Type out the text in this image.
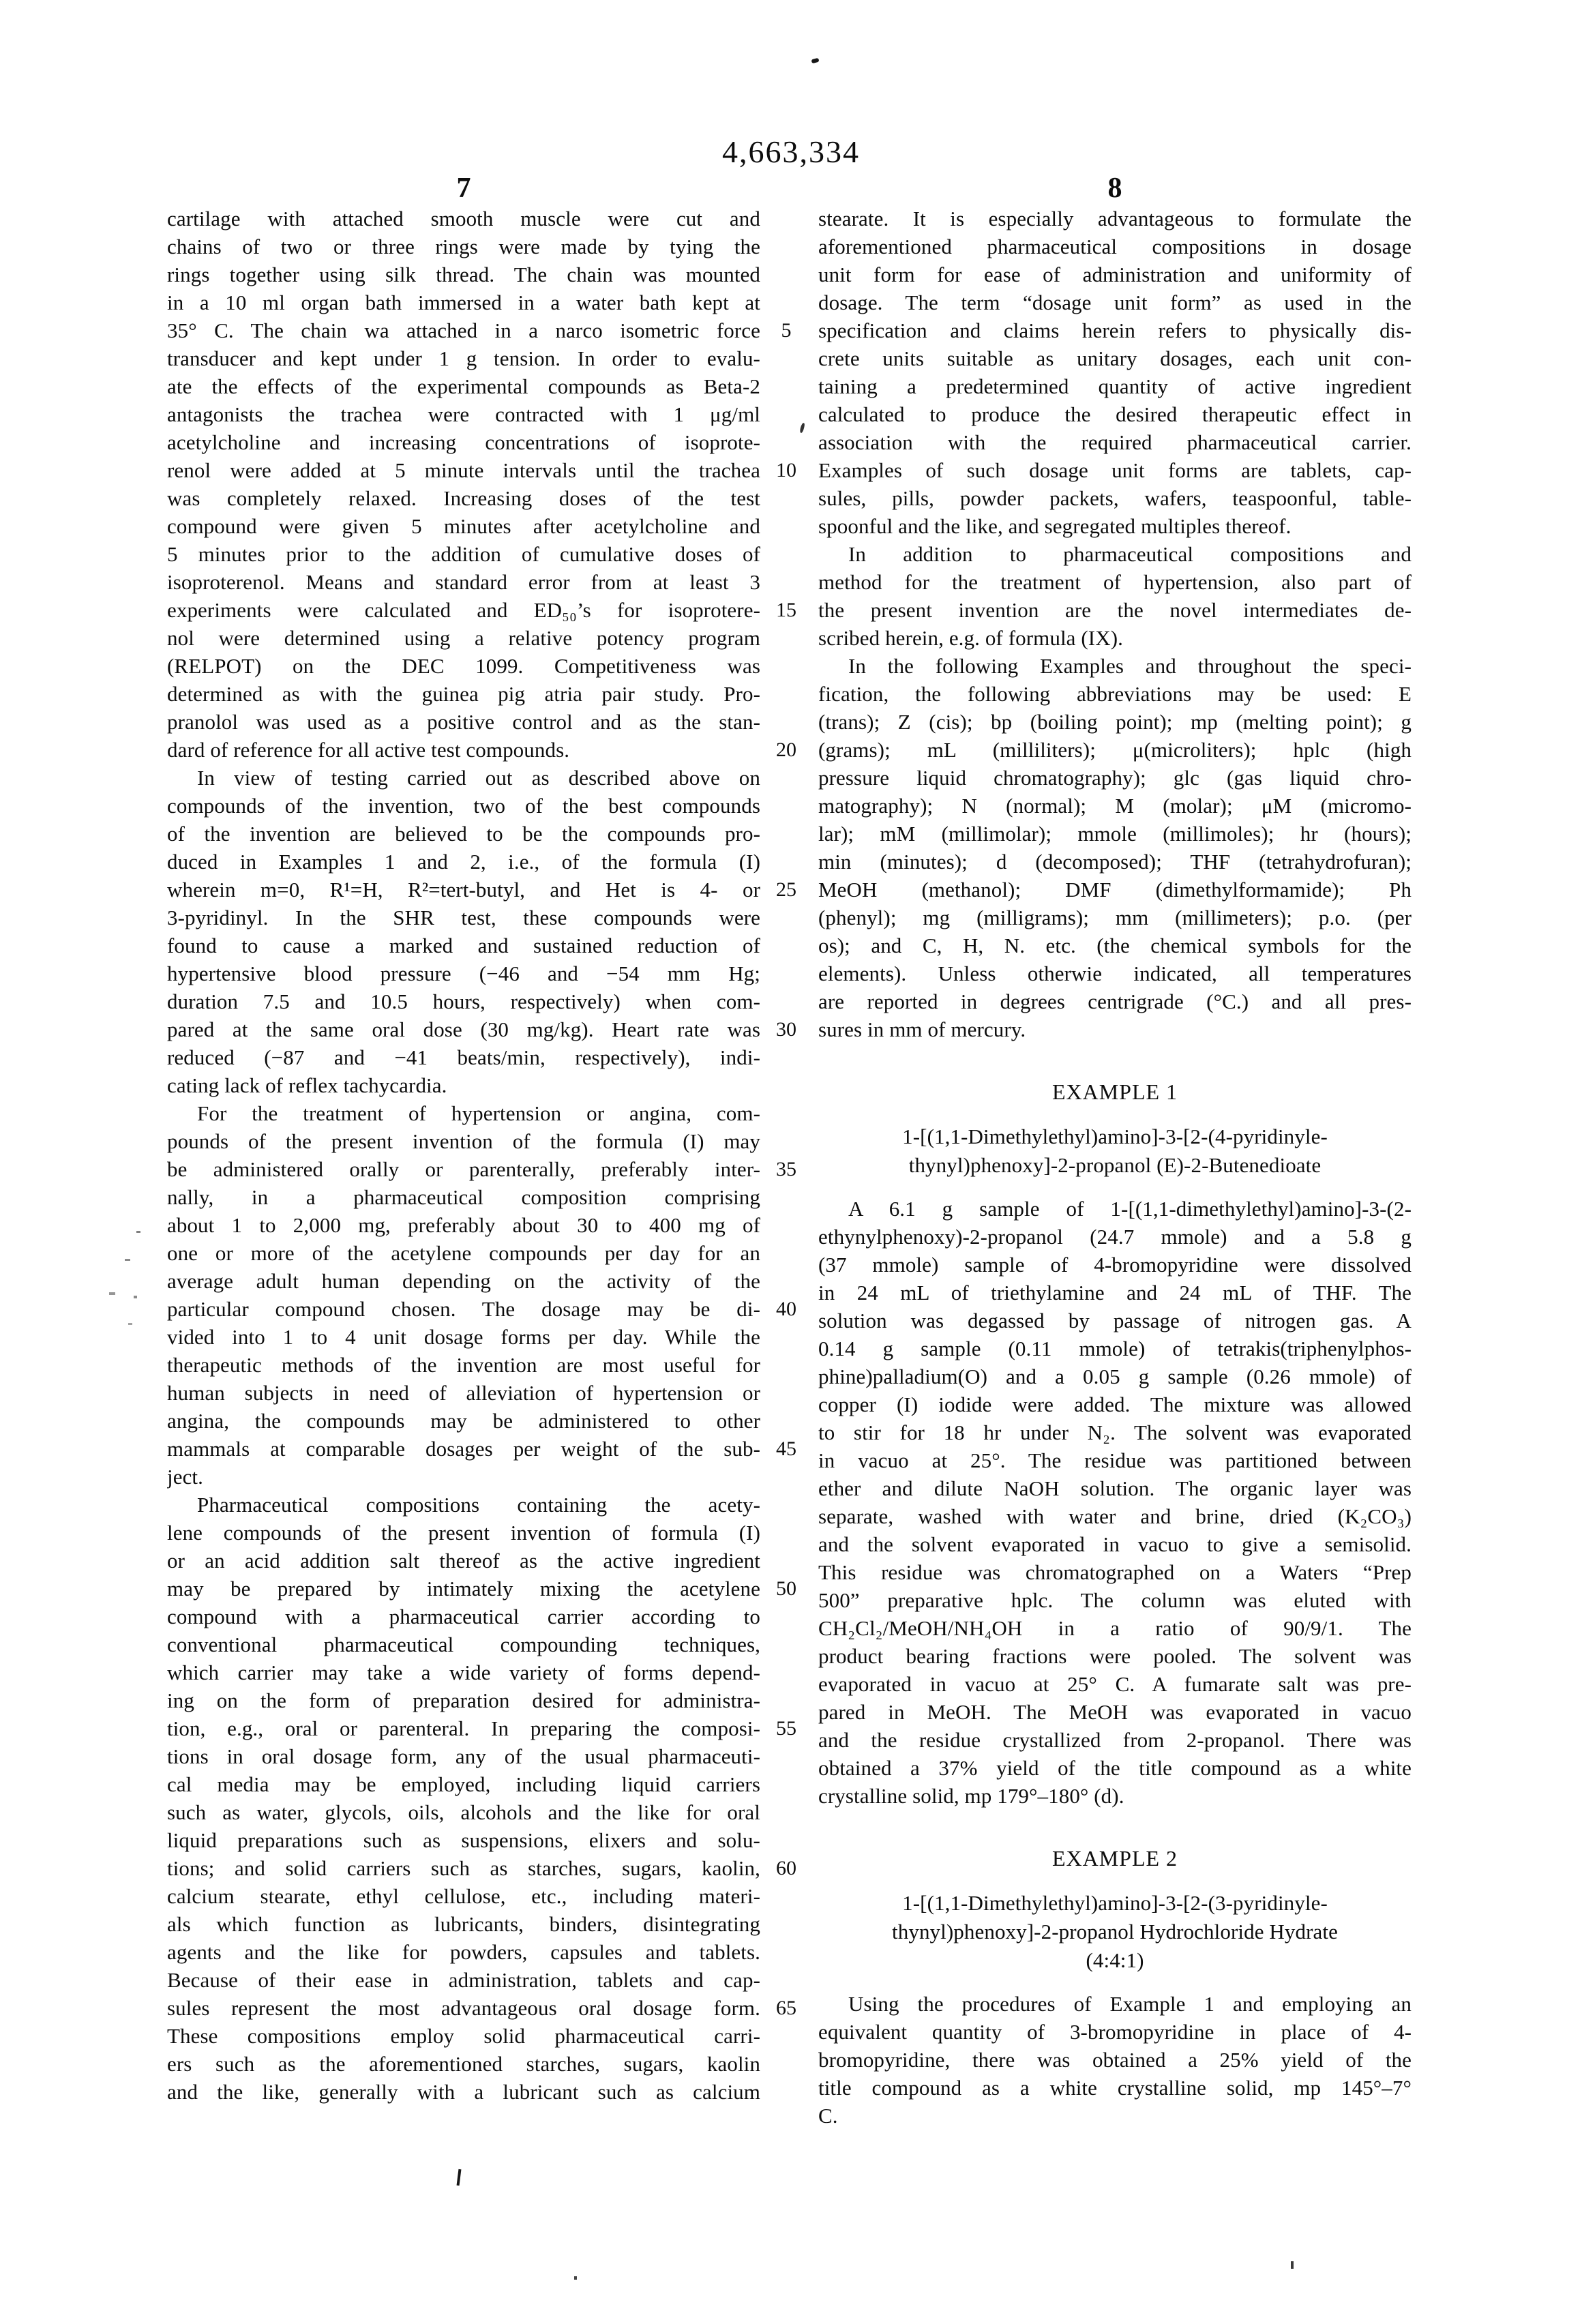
4,663,334
7	8
cartilage with attached smooth muscle were cut and
chains of two or three rings were made by tying the
rings together using silk thread. The chain was mounted
in a 10 ml organ bath immersed in a water bath kept at
35° C. The chain wa attached in a narco isometric force
transducer and kept under 1 g tension. In order to evalu-
ate the effects of the experimental compounds as Beta-2
antagonists the trachea were contracted with 1 μg/ml
acetylcholine and increasing concentrations of isoprote-
renol were added at 5 minute intervals until the trachea
was completely relaxed. Increasing doses of the test
compound were given 5 minutes after acetylcholine and
5 minutes prior to the addition of cumulative doses of
isoproterenol. Means and standard error from at least 3
experiments were calculated and ED₅₀’s for isoprotere-
nol were determined using a relative potency program
(RELPOT) on the DEC 1099. Competitiveness was
determined as with the guinea pig atria pair study. Pro-
pranolol was used as a positive control and as the stan-
dard of reference for all active test compounds.
In view of testing carried out as described above on
compounds of the invention, two of the best compounds
of the invention are believed to be the compounds pro-
duced in Examples 1 and 2, i.e., of the formula (I)
wherein m=0, R¹=H, R²=tert-butyl, and Het is 4- or
3-pyridinyl. In the SHR test, these compounds were
found to cause a marked and sustained reduction of
hypertensive blood pressure (−46 and −54 mm Hg;
duration 7.5 and 10.5 hours, respectively) when com-
pared at the same oral dose (30 mg/kg). Heart rate was
reduced (−87 and −41 beats/min, respectively), indi-
cating lack of reflex tachycardia.
For the treatment of hypertension or angina, com-
pounds of the present invention of the formula (I) may
be administered orally or parenterally, preferably inter-
nally, in a pharmaceutical composition comprising
about 1 to 2,000 mg, preferably about 30 to 400 mg of
one or more of the acetylene compounds per day for an
average adult human depending on the activity of the
particular compound chosen. The dosage may be di-
vided into 1 to 4 unit dosage forms per day. While the
therapeutic methods of the invention are most useful for
human subjects in need of alleviation of hypertension or
angina, the compounds may be administered to other
mammals at comparable dosages per weight of the sub-
ject.
Pharmaceutical compositions containing the acety-
lene compounds of the present invention of formula (I)
or an acid addition salt thereof as the active ingredient
may be prepared by intimately mixing the acetylene
compound with a pharmaceutical carrier according to
conventional pharmaceutical compounding techniques,
which carrier may take a wide variety of forms depend-
ing on the form of preparation desired for administra-
tion, e.g., oral or parenteral. In preparing the composi-
tions in oral dosage form, any of the usual pharmaceuti-
cal media may be employed, including liquid carriers
such as water, glycols, oils, alcohols and the like for oral
liquid preparations such as suspensions, elixers and solu-
tions; and solid carriers such as starches, sugars, kaolin,
calcium stearate, ethyl cellulose, etc., including materi-
als which function as lubricants, binders, disintegrating
agents and the like for powders, capsules and tablets.
Because of their ease in administration, tablets and cap-
sules represent the most advantageous oral dosage form.
These compositions employ solid pharmaceutical carri-
ers such as the aforementioned starches, sugars, kaolin
and the like, generally with a lubricant such as calcium
5
10
15
20
25
30
35
40
45
50
55
60
65
stearate. It is especially advantageous to formulate the
aforementioned pharmaceutical compositions in dosage
unit form for ease of administration and uniformity of
dosage. The term “dosage unit form” as used in the
specification and claims herein refers to physically dis-
crete units suitable as unitary dosages, each unit con-
taining a predetermined quantity of active ingredient
calculated to produce the desired therapeutic effect in
association with the required pharmaceutical carrier.
Examples of such dosage unit forms are tablets, cap-
sules, pills, powder packets, wafers, teaspoonful, table-
spoonful and the like, and segregated multiples thereof.
In addition to pharmaceutical compositions and
method for the treatment of hypertension, also part of
the present invention are the novel intermediates de-
scribed herein, e.g. of formula (IX).
In the following Examples and throughout the speci-
fication, the following abbreviations may be used: E
(trans); Z (cis); bp (boiling point); mp (melting point); g
(grams); mL (milliliters); μ(microliters); hplc (high
pressure liquid chromatography); glc (gas liquid chro-
matography); N (normal); M (molar); μM (micromo-
lar); mM (millimolar); mmole (millimoles); hr (hours);
min (minutes); d (decomposed); THF (tetrahydrofuran);
MeOH (methanol); DMF (dimethylformamide); Ph
(phenyl); mg (milligrams); mm (millimeters); p.o. (per
os); and C, H, N. etc. (the chemical symbols for the
elements). Unless otherwie indicated, all temperatures
are reported in degrees centrigrade (°C.) and all pres-
sures in mm of mercury.
EXAMPLE 1
1-[(1,1-Dimethylethyl)amino]-3-[2-(4-pyridinyle-
thynyl)phenoxy]-2-propanol (E)-2-Butenedioate
A 6.1 g sample of 1-[(1,1-dimethylethyl)amino]-3-(2-
ethynylphenoxy)-2-propanol (24.7 mmole) and a 5.8 g
(37 mmole) sample of 4-bromopyridine were dissolved
in 24 mL of triethylamine and 24 mL of THF. The
solution was degassed by passage of nitrogen gas. A
0.14 g sample (0.11 mmole) of tetrakis(triphenylphos-
phine)palladium(O) and a 0.05 g sample (0.26 mmole) of
copper (I) iodide were added. The mixture was allowed
to stir for 18 hr under N₂. The solvent was evaporated
in vacuo at 25°. The residue was partitioned between
ether and dilute NaOH solution. The organic layer was
separate, washed with water and brine, dried (K₂CO₃)
and the solvent evaporated in vacuo to give a semisolid.
This residue was chromatographed on a Waters “Prep
500” preparative hplc. The column was eluted with
CH₂Cl₂/MeOH/NH₄OH in a ratio of 90/9/1. The
product bearing fractions were pooled. The solvent was
evaporated in vacuo at 25° C. A fumarate salt was pre-
pared in MeOH. The MeOH was evaporated in vacuo
and the residue crystallized from 2-propanol. There was
obtained a 37% yield of the title compound as a white
crystalline solid, mp 179°–180° (d).
EXAMPLE 2
1-[(1,1-Dimethylethyl)amino]-3-[2-(3-pyridinyle-
thynyl)phenoxy]-2-propanol Hydrochloride Hydrate
(4:4:1)
Using the procedures of Example 1 and employing an
equivalent quantity of 3-bromopyridine in place of 4-
bromopyridine, there was obtained a 25% yield of the
title compound as a white crystalline solid, mp 145°–7°
C.
